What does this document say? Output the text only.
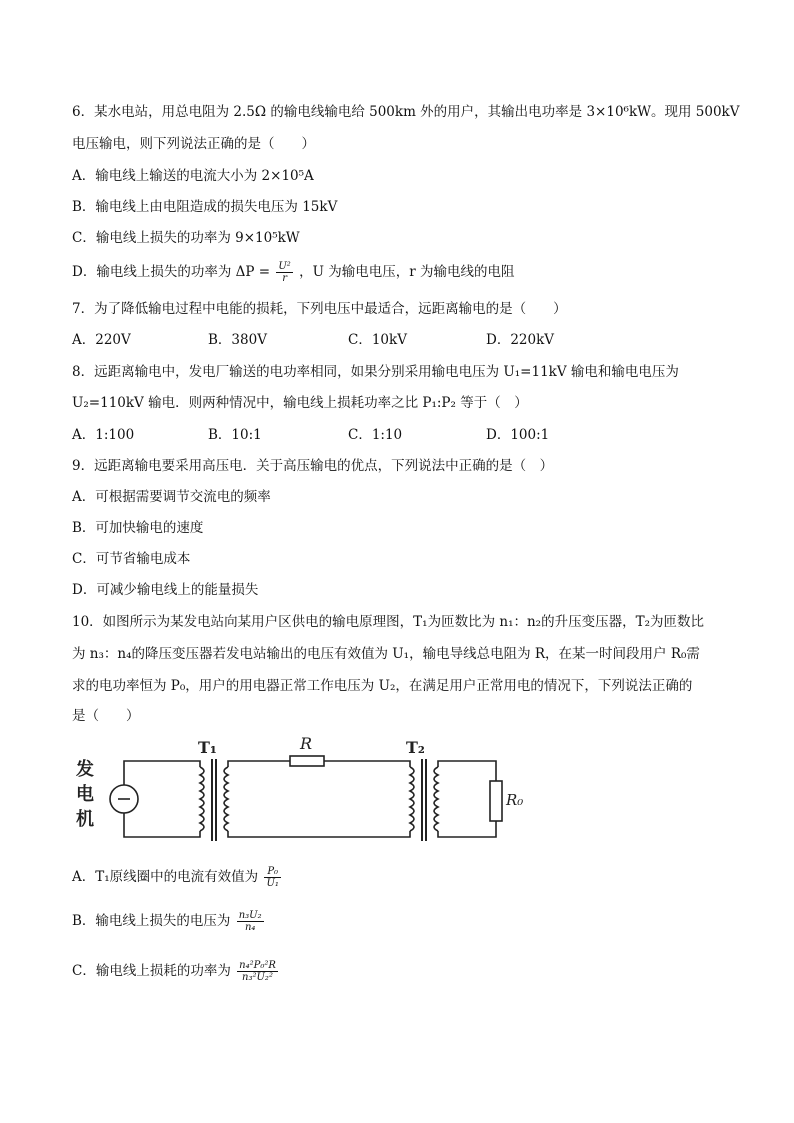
6．某水电站，用总电阻为 2.5Ω 的输电线输电给 500km 外的用户，其输出电功率是 3×10⁶kW。现用 500kV
电压输电，则下列说法正确的是（　　）
A．输电线上输送的电流大小为 2×10⁵A
B．输电线上由电阻造成的损失电压为 15kV
C．输电线上损失的功率为 9×10⁵kW
D．输电线上损失的功率为 $\Delta P = \frac{\text{U²}}{r}$ ，U 为输电电压，r 为输电线的电阻
7．为了降低输电过程中电能的损耗，下列电压中最适合，远距离输电的是（　　）
A．220V	B．380V	C．10kV	D．220kV
8．远距离输电中，发电厂输送的电功率相同，如果分别采用输电电压为 U₁=11kV 输电和输电电压为
U₂=110kV 输电．则两种情况中，输电线上损耗功率之比 P₁:P₂ 等于（　）
A．1:100	B．10:1	C．1:10	D．100:1
9．远距离输电要采用高压电．关于高压输电的优点，下列说法中正确的是（　）
A．可根据需要调节交流电的频率
B．可加快输电的速度
C．可节省输电成本
D．可减少输电线上的能量损失
10．如图所示为某发电站向某用户区供电的输电原理图，T₁为匝数比为 n₁：n₂的升压变压器，T₂为匝数比
为 n₃：n₄的降压变压器若发电站输出的电压有效值为 U₁，输电导线总电阻为 R，在某一时间段用户 R₀需
求的电功率恒为 P₀，用户的用电器正常工作电压为 U₂，在满足用户正常用电的情况下，下列说法正确的
是（　　）
发
电
机
T₁	R	T₂
R₀
A．T₁原线圈中的电流有效值为 $\frac{\text{P₀}}{\text{U₁}}$
B．输电线上损失的电压为 $\frac{\text{n₃U₂}}{\text{n₄}}$
C．输电线上损耗的功率为 $\frac{\text{n₄²P₀²R}}{\text{n₃²U₂²}}$
